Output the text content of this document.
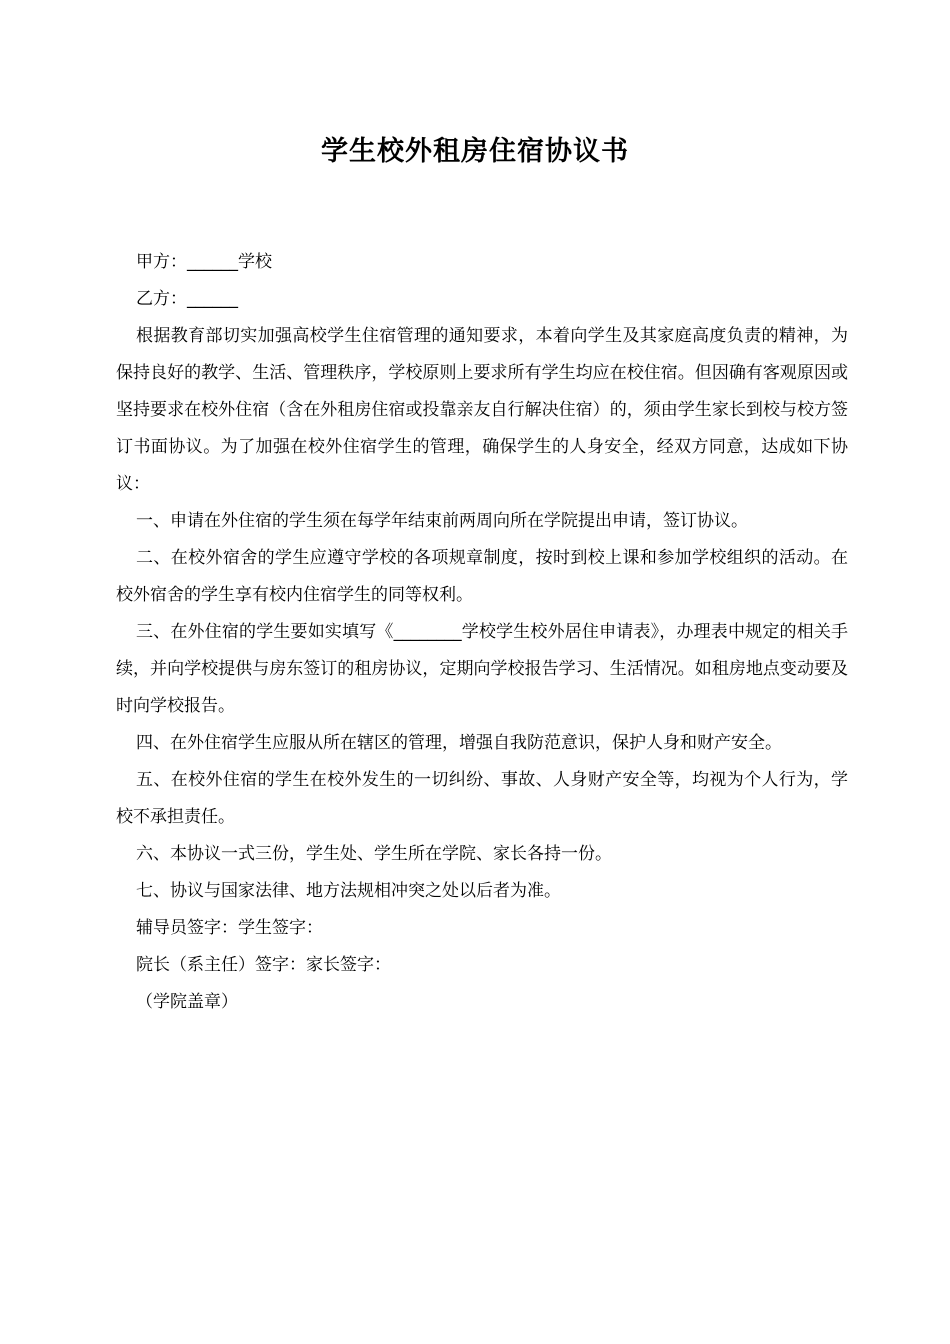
学生校外租房住宿协议书

甲方：______学校

乙方：______

根据教育部切实加强高校学生住宿管理的通知要求，本着向学生及其家庭高度负责的精神，为保持良好的教学、生活、管理秩序，学校原则上要求所有学生均应在校住宿。但因确有客观原因或坚持要求在校外住宿（含在外租房住宿或投靠亲友自行解决住宿）的，须由学生家长到校与校方签订书面协议。为了加强在校外住宿学生的管理，确保学生的人身安全，经双方同意，达成如下协议：

一、申请在外住宿的学生须在每学年结束前两周向所在学院提出申请，签订协议。

二、在校外宿舍的学生应遵守学校的各项规章制度，按时到校上课和参加学校组织的活动。在校外宿舍的学生享有校内住宿学生的同等权利。

三、在外住宿的学生要如实填写《________学校学生校外居住申请表》，办理表中规定的相关手续，并向学校提供与房东签订的租房协议，定期向学校报告学习、生活情况。如租房地点变动要及时向学校报告。

四、在外住宿学生应服从所在辖区的管理，增强自我防范意识，保护人身和财产安全。

五、在校外住宿的学生在校外发生的一切纠纷、事故、人身财产安全等，均视为个人行为，学校不承担责任。

六、本协议一式三份，学生处、学生所在学院、家长各持一份。

七、协议与国家法律、地方法规相冲突之处以后者为准。

辅导员签字：学生签字：

院长（系主任）签字：家长签字：

（学院盖章）
